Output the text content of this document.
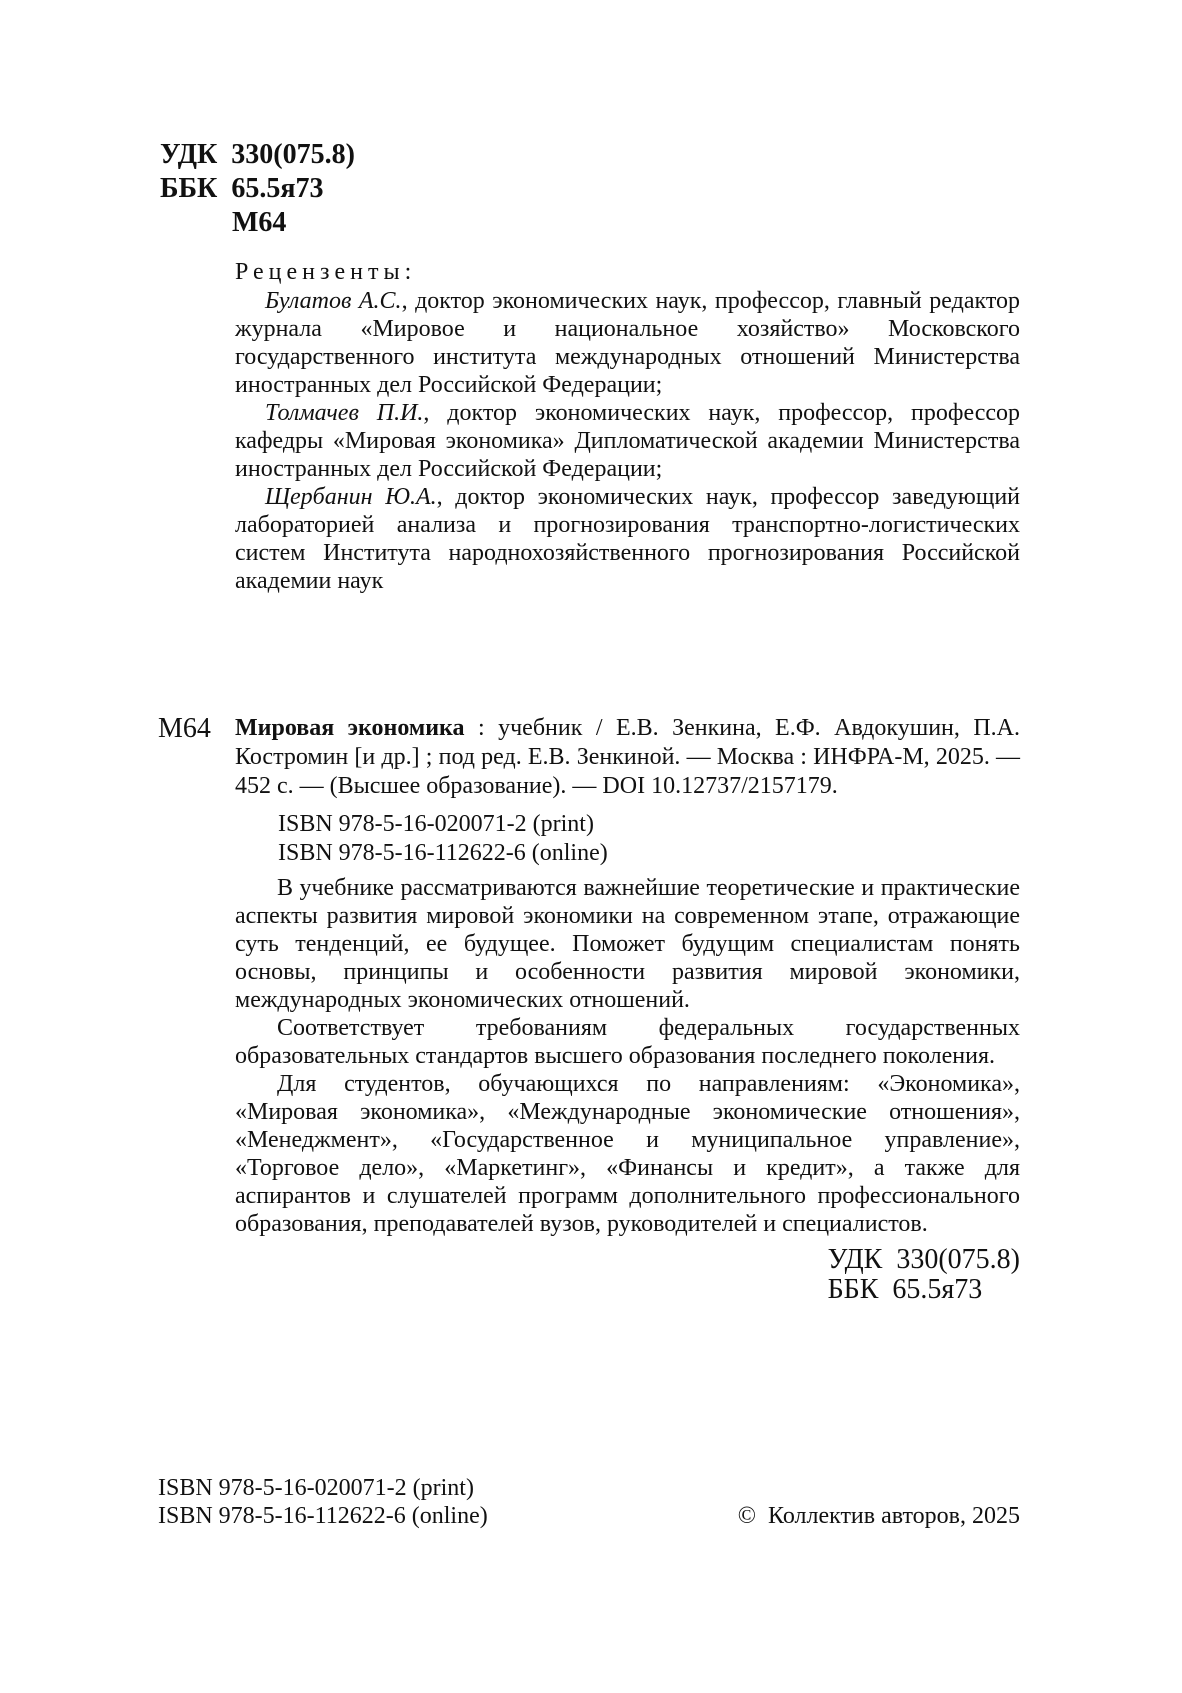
УДК  330(075.8)
ББК  65.5я73
М64
Рецензенты:

Булатов А.С., доктор экономических наук, профессор, главный редактор журнала «Мировое и национальное хозяйство» Московского государственного института международных отношений Министерства иностранных дел Российской Федерации;

Толмачев П.И., доктор экономических наук, профессор, профессор кафедры «Мировая экономика» Дипломатической академии Министерства иностранных дел Российской Федерации;

Щербанин Ю.А., доктор экономических наук, профессор заведующий лабораторией анализа и прогнозирования транспортно-логистических систем Института народнохозяйственного прогнозирования Российской академии наук

М64 Мировая экономика : учебник / Е.В. Зенкина, Е.Ф. Авдокушин, П.А. Костромин [и др.] ; под ред. Е.В. Зенкиной. — Москва : ИНФРА-М, 2025. — 452 с. — (Высшее образование). — DOI 10.12737/2157179.
ISBN 978-5-16-020071-2 (print)
ISBN 978-5-16-112622-6 (online)

В учебнике рассматриваются важнейшие теоретические и практические аспекты развития мировой экономики на современном этапе, отражающие суть тенденций, ее будущее. Поможет будущим специалистам понять основы, принципы и особенности развития мировой экономики, международных экономических отношений.

Соответствует требованиям федеральных государственных образовательных стандартов высшего образования последнего поколения.

Для студентов, обучающихся по направлениям: «Экономика», «Мировая экономика», «Международные экономические отношения», «Менеджмент», «Государственное и муниципальное управление», «Торговое дело», «Маркетинг», «Финансы и кредит», а также для аспирантов и слушателей программ дополнительного профессионального образования, преподавателей вузов, руководителей и специалистов.

УДК  330(075.8)
ББК  65.5я73
ISBN 978-5-16-020071-2 (print)
ISBN 978-5-16-112622-6 (online)	©  Коллектив авторов, 2025
